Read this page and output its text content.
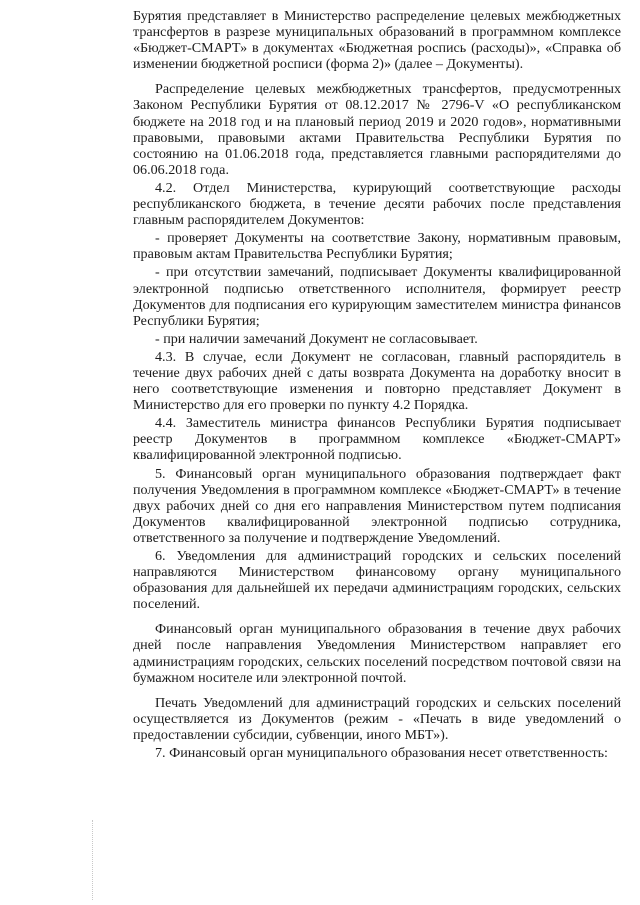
Бурятия представляет в Министерство распределение целевых межбюджетных трансфертов в разрезе муниципальных образований в программном комплексе «Бюджет-СМАРТ» в документах «Бюджетная роспись (расходы)», «Справка об изменении бюджетной росписи (форма 2)» (далее – Документы).

Распределение целевых межбюджетных трансфертов, предусмотренных Законом Республики Бурятия от 08.12.2017 № 2796-V «О республиканском бюджете на 2018 год и на плановый период 2019 и 2020 годов», нормативными правовыми, правовыми актами Правительства Республики Бурятия по состоянию на 01.06.2018 года, представляется главными распорядителями до 06.06.2018 года.

4.2. Отдел Министерства, курирующий соответствующие расходы республиканского бюджета, в течение десяти рабочих после представления главным распорядителем Документов:

- проверяет Документы на соответствие Закону, нормативным правовым, правовым актам Правительства Республики Бурятия;

- при отсутствии замечаний, подписывает Документы квалифицированной электронной подписью ответственного исполнителя, формирует реестр Документов для подписания его курирующим заместителем министра финансов Республики Бурятия;

- при наличии замечаний Документ не согласовывает.

4.3. В случае, если Документ не согласован, главный распорядитель в течение двух рабочих дней с даты возврата Документа на доработку вносит в него соответствующие изменения и повторно представляет Документ в Министерство для его проверки по пункту 4.2 Порядка.

4.4. Заместитель министра финансов Республики Бурятия подписывает реестр Документов в программном комплексе «Бюджет-СМАРТ» квалифицированной электронной подписью.

5. Финансовый орган муниципального образования подтверждает факт получения Уведомления в программном комплексе «Бюджет-СМАРТ» в течение двух рабочих дней со дня его направления Министерством путем подписания Документов квалифицированной электронной подписью сотрудника, ответственного за получение и подтверждение Уведомлений.

6. Уведомления для администраций городских и сельских поселений направляются Министерством финансовому органу муниципального образования для дальнейшей их передачи администрациям городских, сельских поселений.

Финансовый орган муниципального образования в течение двух рабочих дней после направления Уведомления Министерством направляет его администрациям городских, сельских поселений посредством почтовой связи на бумажном носителе или электронной почтой.

Печать Уведомлений для администраций городских и сельских поселений осуществляется из Документов (режим - «Печать в виде уведомлений о предоставлении субсидии, субвенции, иного МБТ»).

7. Финансовый орган муниципального образования несет ответственность:
